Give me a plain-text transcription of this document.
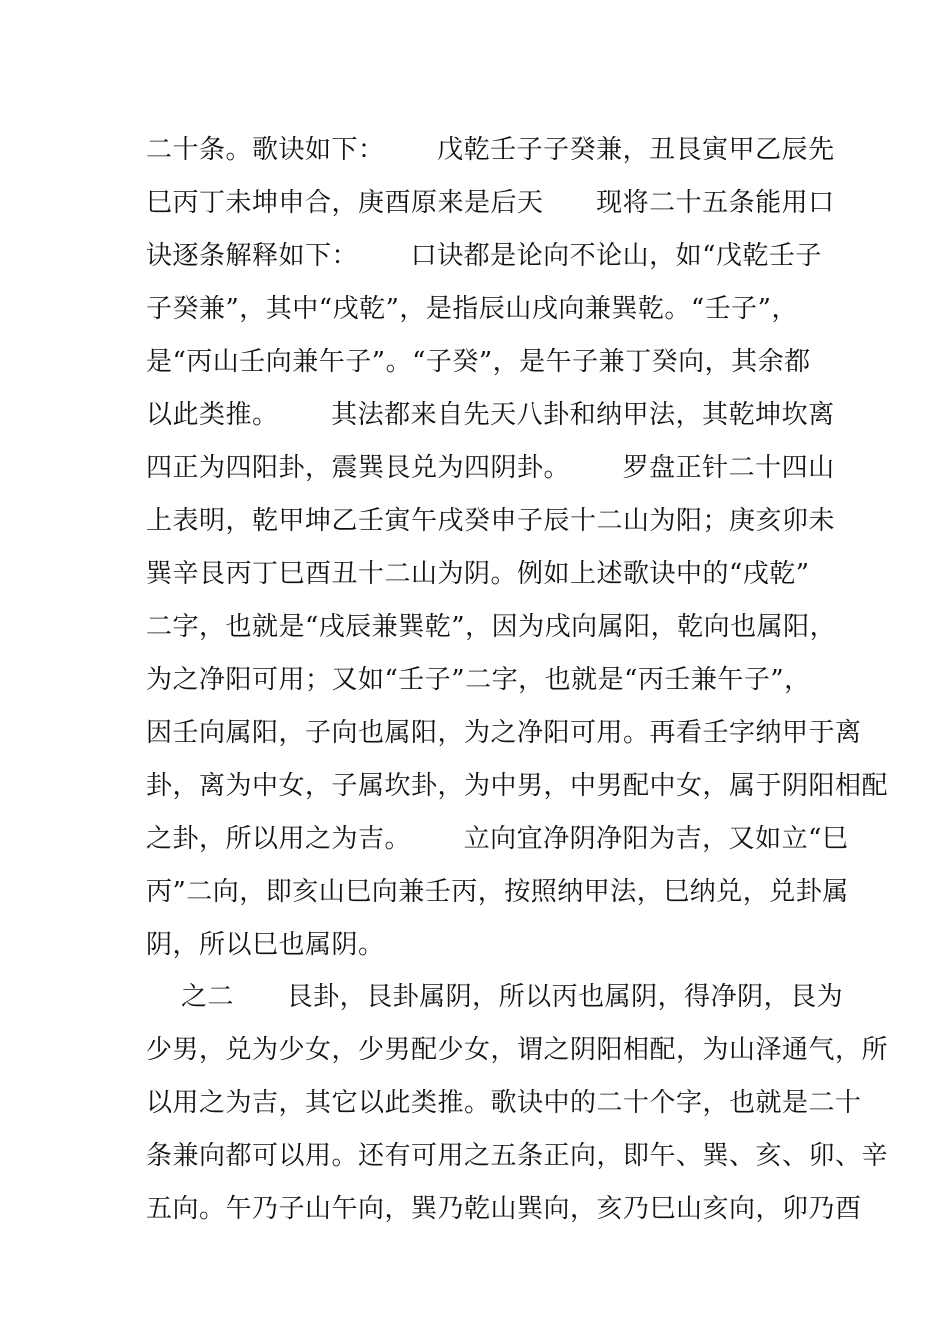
二十条。歌诀如下：      戊乾壬子子癸兼，丑艮寅甲乙辰先
巳丙丁未坤申合，庚酉原来是后天      现将二十五条能用口
诀逐条解释如下：      口诀都是论向不论山，如“戊乾壬子
子癸兼”，其中“戌乾”，是指辰山戌向兼巽乾。“壬子”，
是“丙山壬向兼午子”。“子癸”，是午子兼丁癸向，其余都
以此类推。      其法都来自先天八卦和纳甲法，其乾坤坎离
四正为四阳卦，震巽艮兑为四阴卦。      罗盘正针二十四山
上表明，乾甲坤乙壬寅午戌癸申子辰十二山为阳；庚亥卯未
巽辛艮丙丁巳酉丑十二山为阴。例如上述歌诀中的“戌乾”
二字，也就是“戌辰兼巽乾”，因为戌向属阳，乾向也属阳，
为之净阳可用；又如“壬子”二字，也就是“丙壬兼午子”，
因壬向属阳，子向也属阳，为之净阳可用。再看壬字纳甲于离
卦，离为中女，子属坎卦，为中男，中男配中女，属于阴阳相配
之卦，所以用之为吉。      立向宜净阴净阳为吉，又如立“巳
丙”二向，即亥山巳向兼壬丙，按照纳甲法，巳纳兑，兑卦属
阴，所以巳也属阴。
之二      艮卦，艮卦属阴，所以丙也属阴，得净阴，艮为
少男，兑为少女，少男配少女，谓之阴阳相配，为山泽通气，所
以用之为吉，其它以此类推。歌诀中的二十个字，也就是二十
条兼向都可以用。还有可用之五条正向，即午、巽、亥、卯、辛
五向。午乃子山午向，巽乃乾山巽向，亥乃巳山亥向，卯乃酉
